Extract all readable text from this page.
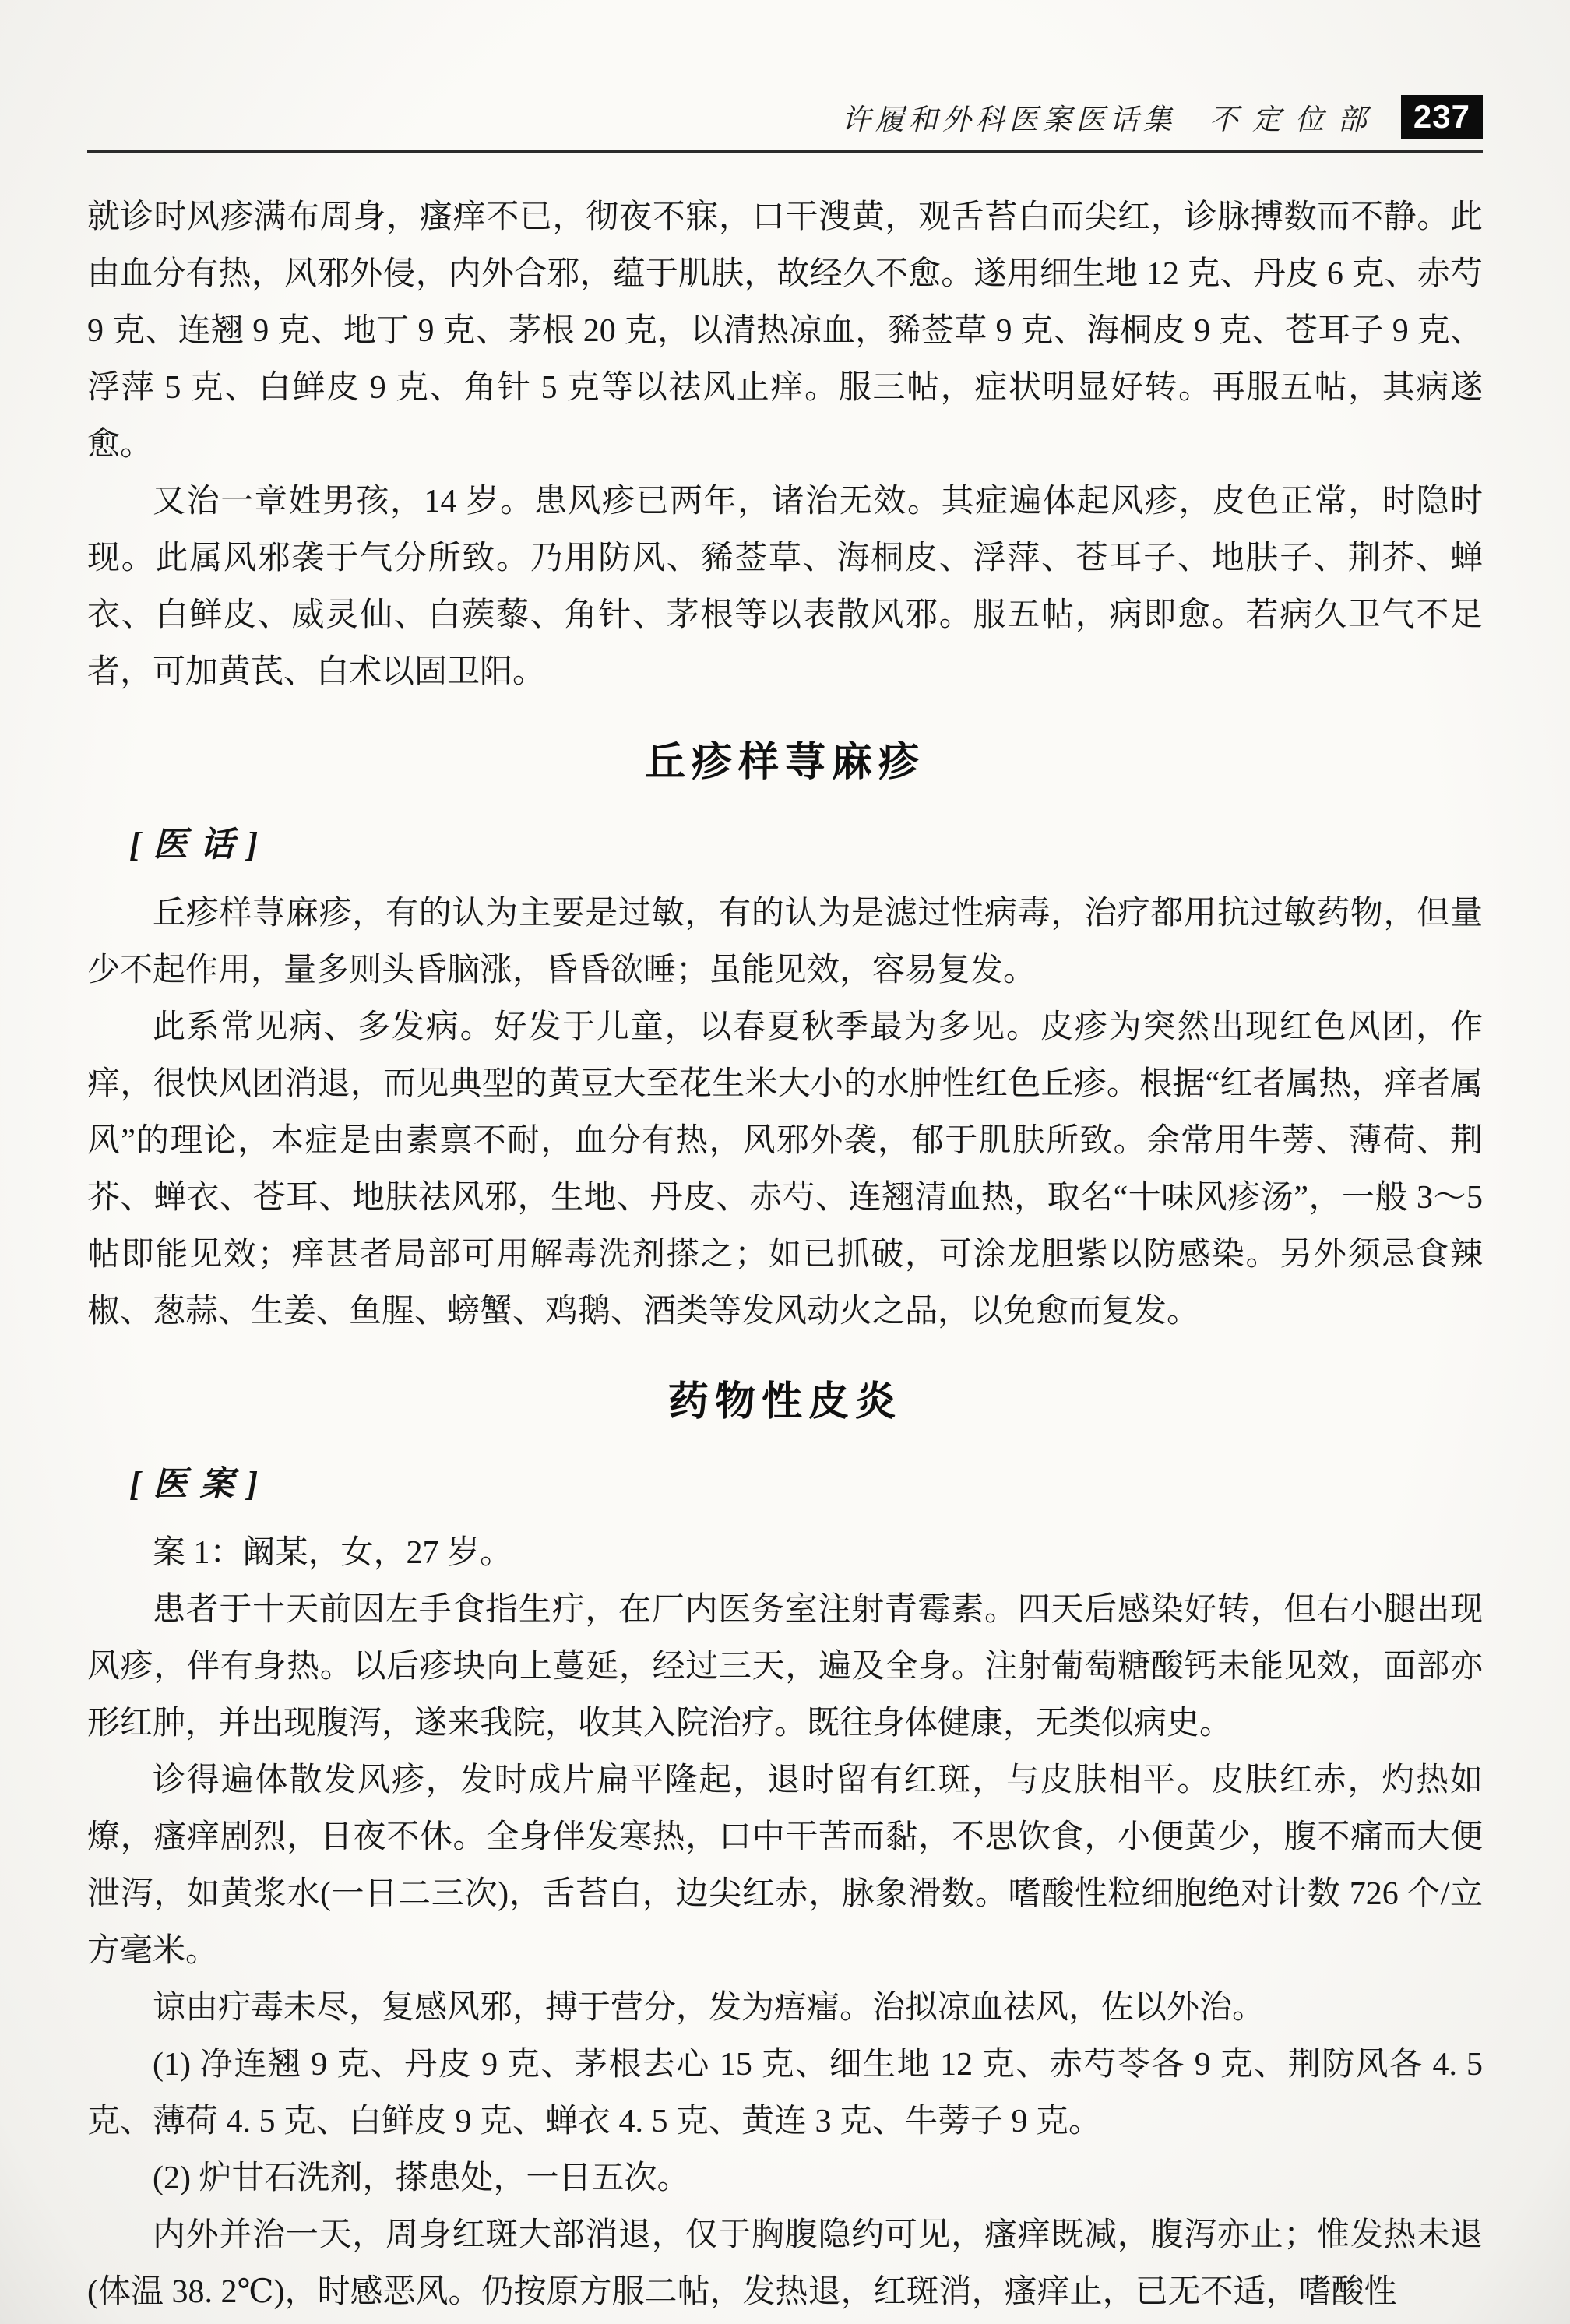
许履和外科医案医话集 不定位部	237

就诊时风疹满布周身，瘙痒不已，彻夜不寐，口干溲黄，观舌苔白而尖红，诊脉搏数而不静。此由血分有热，风邪外侵，内外合邪，蕴于肌肤，故经久不愈。遂用细生地 12 克、丹皮 6 克、赤芍 9 克、连翘 9 克、地丁 9 克、茅根 20 克，以清热凉血，豨莶草 9 克、海桐皮 9 克、苍耳子 9 克、浮萍 5 克、白鲜皮 9 克、角针 5 克等以祛风止痒。服三帖，症状明显好转。再服五帖，其病遂愈。

又治一章姓男孩，14 岁。患风疹已两年，诸治无效。其症遍体起风疹，皮色正常，时隐时现。此属风邪袭于气分所致。乃用防风、豨莶草、海桐皮、浮萍、苍耳子、地肤子、荆芥、蝉衣、白鲜皮、威灵仙、白蒺藜、角针、茅根等以表散风邪。服五帖，病即愈。若病久卫气不足者，可加黄芪、白术以固卫阳。

丘疹样荨麻疹

[医话]

丘疹样荨麻疹，有的认为主要是过敏，有的认为是滤过性病毒，治疗都用抗过敏药物，但量少不起作用，量多则头昏脑涨，昏昏欲睡；虽能见效，容易复发。

此系常见病、多发病。好发于儿童，以春夏秋季最为多见。皮疹为突然出现红色风团，作痒，很快风团消退，而见典型的黄豆大至花生米大小的水肿性红色丘疹。根据“红者属热，痒者属风”的理论，本症是由素禀不耐，血分有热，风邪外袭，郁于肌肤所致。余常用牛蒡、薄荷、荆芥、蝉衣、苍耳、地肤祛风邪，生地、丹皮、赤芍、连翘清血热，取名“十味风疹汤”，一般 3～5 帖即能见效；痒甚者局部可用解毒洗剂搽之；如已抓破，可涂龙胆紫以防感染。另外须忌食辣椒、葱蒜、生姜、鱼腥、螃蟹、鸡鹅、酒类等发风动火之品，以免愈而复发。

药物性皮炎

[医案]

案 1：阚某，女，27 岁。

患者于十天前因左手食指生疔，在厂内医务室注射青霉素。四天后感染好转，但右小腿出现风疹，伴有身热。以后疹块向上蔓延，经过三天，遍及全身。注射葡萄糖酸钙未能见效，面部亦形红肿，并出现腹泻，遂来我院，收其入院治疗。既往身体健康，无类似病史。

诊得遍体散发风疹，发时成片扁平隆起，退时留有红斑，与皮肤相平。皮肤红赤，灼热如燎，瘙痒剧烈，日夜不休。全身伴发寒热，口中干苦而黏，不思饮食，小便黄少，腹不痛而大便泄泻，如黄浆水(一日二三次)，舌苔白，边尖红赤，脉象滑数。嗜酸性粒细胞绝对计数 726 个/立方毫米。

谅由疔毒未尽，复感风邪，搏于营分，发为痦癗。治拟凉血祛风，佐以外治。

(1) 净连翘 9 克、丹皮 9 克、茅根去心 15 克、细生地 12 克、赤芍苓各 9 克、荆防风各 4. 5 克、薄荷 4. 5 克、白鲜皮 9 克、蝉衣 4. 5 克、黄连 3 克、牛蒡子 9 克。

(2) 炉甘石洗剂，搽患处，一日五次。

内外并治一天，周身红斑大部消退，仅于胸腹隐约可见，瘙痒既减，腹泻亦止；惟发热未退(体温 38. 2℃)，时感恶风。仍按原方服二帖，发热退，红斑消，瘙痒止，已无不适，嗜酸性
